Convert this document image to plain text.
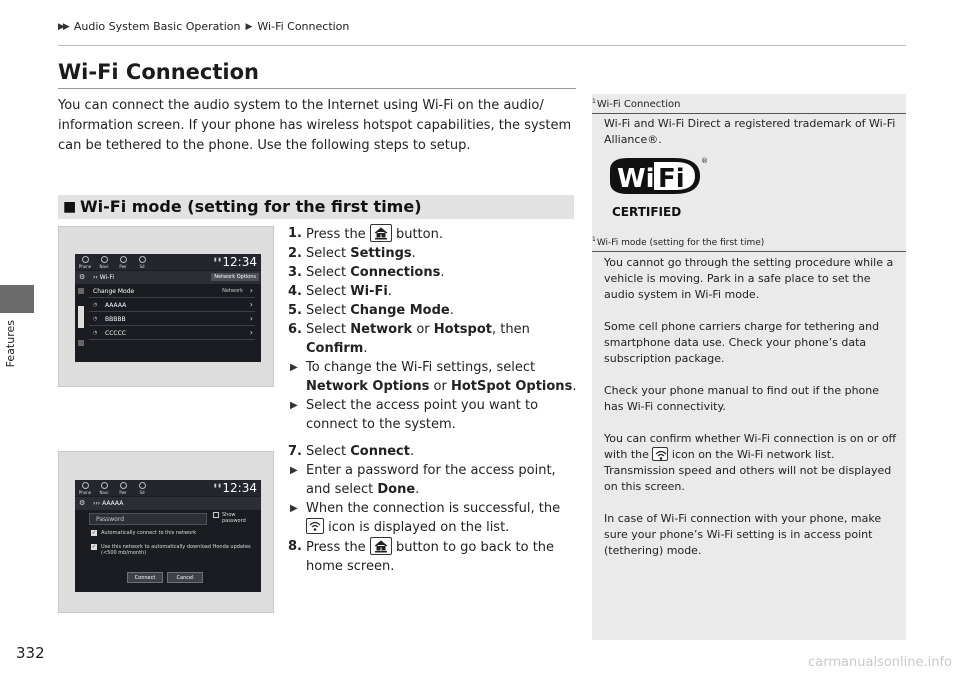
▶▶ Audio System Basic Operation ▶ Wi-Fi Connection
Features
Wi-Fi Connection
You can connect the audio system to the Internet using Wi-Fi on the audio/ information screen. If your phone has wireless hotspot capabilities, the system can be tethered to the phone. Use the following steps to setup.
■ Wi-Fi mode (setting for the first time)
Phone	Navi	Pwr	Sd
▮ ▮ 12:34
⚙ ›› Wi-Fi	Network Options
Change Mode	Network ›
◔ AAAAA	›
◔ BBBBB	›
◔ CCCCC	›
Phone	Navi	Pwr	Sd
▮ ▮ 12:34
⚙ ››› AAAAA
Password
Show password
✓ Automatically connect to this network
✓ Use this network to automatically download Honda updates (<500 mb/month)
Connect	Cancel
1. Press the button.
2. Select Settings.
3. Select Connections.
4. Select Wi-Fi.
5. Select Change Mode.
6. Select Network or Hotspot, then Confirm.
▶ To change the Wi-Fi settings, select Network Options or HotSpot Options.
▶ Select the access point you want to connect to the system.
7. Select Connect.
▶ Enter a password for the access point, and select Done.
▶ When the connection is successful, the
icon is displayed on the list.
8. Press the button to go back to the home screen.
$^1$Wi-Fi Connection
Wi-Fi and Wi-Fi Direct a registered trademark of Wi-Fi Alliance®.
Wi Fi
®
CERTIFIED
$^1$Wi-Fi mode (setting for the first time)
You cannot go through the setting procedure while a vehicle is moving. Park in a safe place to set the audio system in Wi-Fi mode.
Some cell phone carriers charge for tethering and smartphone data use. Check your phone’s data subscription package.
Check your phone manual to find out if the phone has Wi-Fi connectivity.
You can confirm whether Wi-Fi connection is on or off with the icon on the Wi-Fi network list. Transmission speed and others will not be displayed on this screen.
In case of Wi-Fi connection with your phone, make sure your phone’s Wi-Fi setting is in access point (tethering) mode.
332
carmanualsonline.info
